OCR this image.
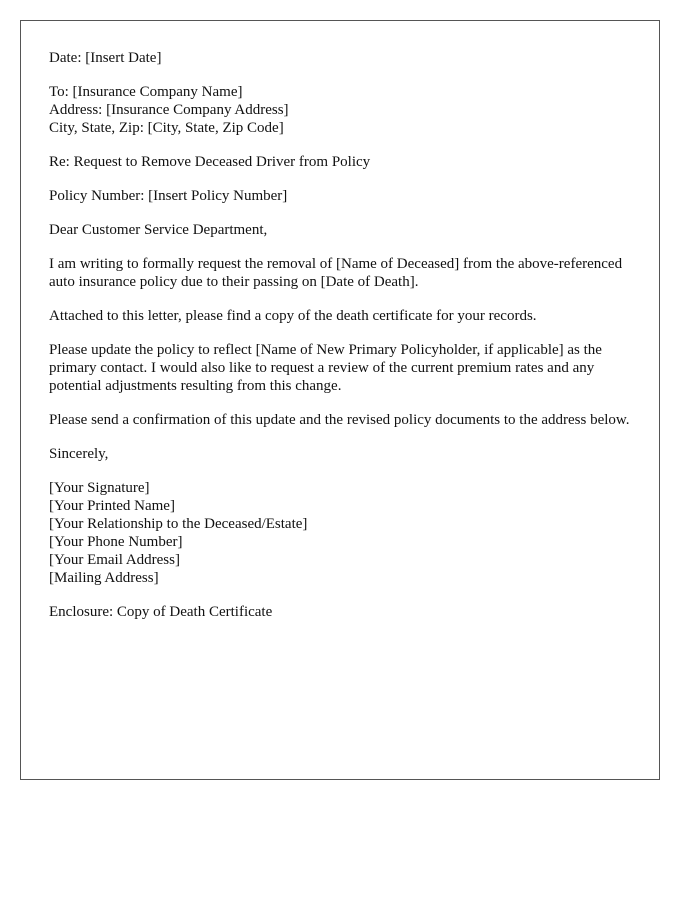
Date: [Insert Date]
To: [Insurance Company Name]
Address: [Insurance Company Address]
City, State, Zip: [City, State, Zip Code]
Re: Request to Remove Deceased Driver from Policy
Policy Number: [Insert Policy Number]
Dear Customer Service Department,
I am writing to formally request the removal of [Name of Deceased] from the above-referenced auto insurance policy due to their passing on [Date of Death].
Attached to this letter, please find a copy of the death certificate for your records.
Please update the policy to reflect [Name of New Primary Policyholder, if applicable] as the primary contact. I would also like to request a review of the current premium rates and any potential adjustments resulting from this change.
Please send a confirmation of this update and the revised policy documents to the address below.
Sincerely,
[Your Signature]
[Your Printed Name]
[Your Relationship to the Deceased/Estate]
[Your Phone Number]
[Your Email Address]
[Mailing Address]
Enclosure: Copy of Death Certificate
